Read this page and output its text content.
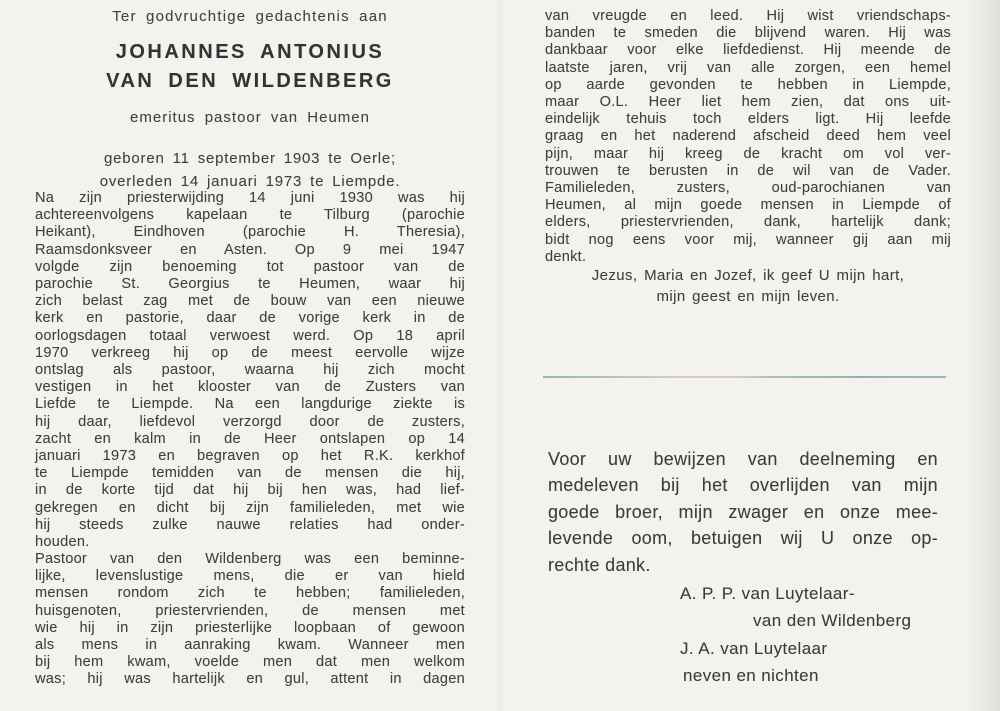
Ter godvruchtige gedachtenis aan
JOHANNES ANTONIUS
VAN DEN WILDENBERG
emeritus pastoor van Heumen
geboren 11 september 1903 te Oerle;
overleden 14 januari 1973 te Liempde.
Na zijn priesterwijding 14 juni 1930 was hij
achtereenvolgens kapelaan te Tilburg (parochie
Heikant), Eindhoven (parochie H. Theresia),
Raamsdonksveer en Asten. Op 9 mei 1947
volgde zijn benoeming tot pastoor van de
parochie St. Georgius te Heumen, waar hij
zich belast zag met de bouw van een nieuwe
kerk en pastorie, daar de vorige kerk in de
oorlogsdagen totaal verwoest werd. Op 18 april
1970 verkreeg hij op de meest eervolle wijze
ontslag als pastoor, waarna hij zich mocht
vestigen in het klooster van de Zusters van
Liefde te Liempde. Na een langdurige ziekte is
hij daar, liefdevol verzorgd door de zusters,
zacht en kalm in de Heer ontslapen op 14
januari 1973 en begraven op het R.K. kerkhof
te Liempde temidden van de mensen die hij,
in de korte tijd dat hij bij hen was, had lief-
gekregen en dicht bij zijn familieleden, met wie
hij steeds zulke nauwe relaties had onder-
houden.
Pastoor van den Wildenberg was een beminne-
lijke, levenslustige mens, die er van hield
mensen rondom zich te hebben; familieleden,
huisgenoten, priestervrienden, de mensen met
wie hij in zijn priesterlijke loopbaan of gewoon
als mens in aanraking kwam. Wanneer men
bij hem kwam, voelde men dat men welkom
was; hij was hartelijk en gul, attent in dagen
van vreugde en leed. Hij wist vriendschaps-
banden te smeden die blijvend waren. Hij was
dankbaar voor elke liefdedienst. Hij meende de
laatste jaren, vrij van alle zorgen, een hemel
op aarde gevonden te hebben in Liempde,
maar O.L. Heer liet hem zien, dat ons uit-
eindelijk tehuis toch elders ligt. Hij leefde
graag en het naderend afscheid deed hem veel
pijn, maar hij kreeg de kracht om vol ver-
trouwen te berusten in de wil van de Vader.
Familieleden, zusters, oud-parochianen van
Heumen, al mijn goede mensen in Liempde of
elders, priestervrienden, dank, hartelijk dank;
bidt nog eens voor mij, wanneer gij aan mij
denkt.
Jezus, Maria en Jozef, ik geef U mijn hart,
mijn geest en mijn leven.
Voor uw bewijzen van deelneming en
medeleven bij het overlijden van mijn
goede broer, mijn zwager en onze mee-
levende oom, betuigen wij U onze op-
rechte dank.
A. P. P. van Luytelaar-
van den Wildenberg
J. A. van Luytelaar
neven en nichten
